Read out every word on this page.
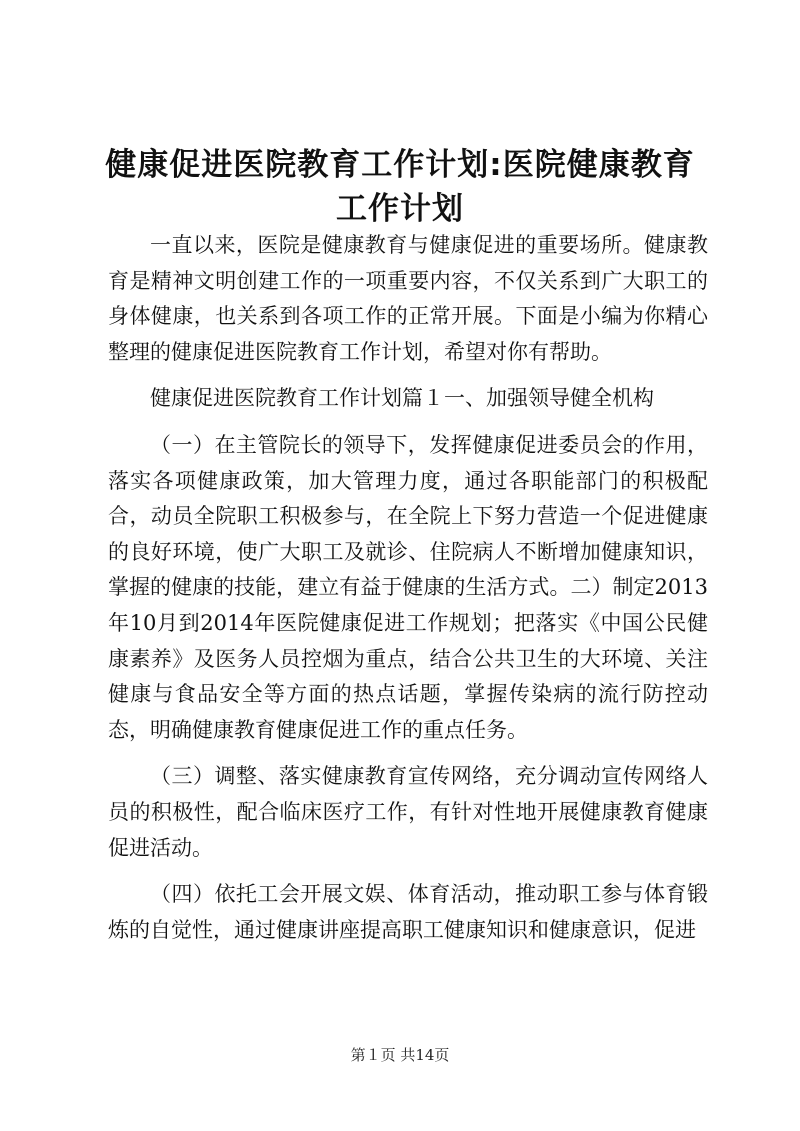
健康促进医院教育工作计划:医院健康教育工作计划

一直以来，医院是健康教育与健康促进的重要场所。健康教育是精神文明创建工作的一项重要内容，不仅关系到广大职工的身体健康，也关系到各项工作的正常开展。下面是小编为你精心整理的健康促进医院教育工作计划，希望对你有帮助。

健康促进医院教育工作计划篇１一、加强领导健全机构

（一）在主管院长的领导下，发挥健康促进委员会的作用，落实各项健康政策，加大管理力度，通过各职能部门的积极配合，动员全院职工积极参与，在全院上下努力营造一个促进健康的良好环境，使广大职工及就诊、住院病人不断增加健康知识，掌握的健康的技能，建立有益于健康的生活方式。二）制定2013年10月到2014年医院健康促进工作规划；把落实《中国公民健康素养》及医务人员控烟为重点，结合公共卫生的大环境、关注健康与食品安全等方面的热点话题，掌握传染病的流行防控动态，明确健康教育健康促进工作的重点任务。

（三）调整、落实健康教育宣传网络，充分调动宣传网络人员的积极性，配合临床医疗工作，有针对性地开展健康教育健康促进活动。

（四）依托工会开展文娱、体育活动，推动职工参与体育锻炼的自觉性，通过健康讲座提高职工健康知识和健康意识，促进

第１页 共14页
